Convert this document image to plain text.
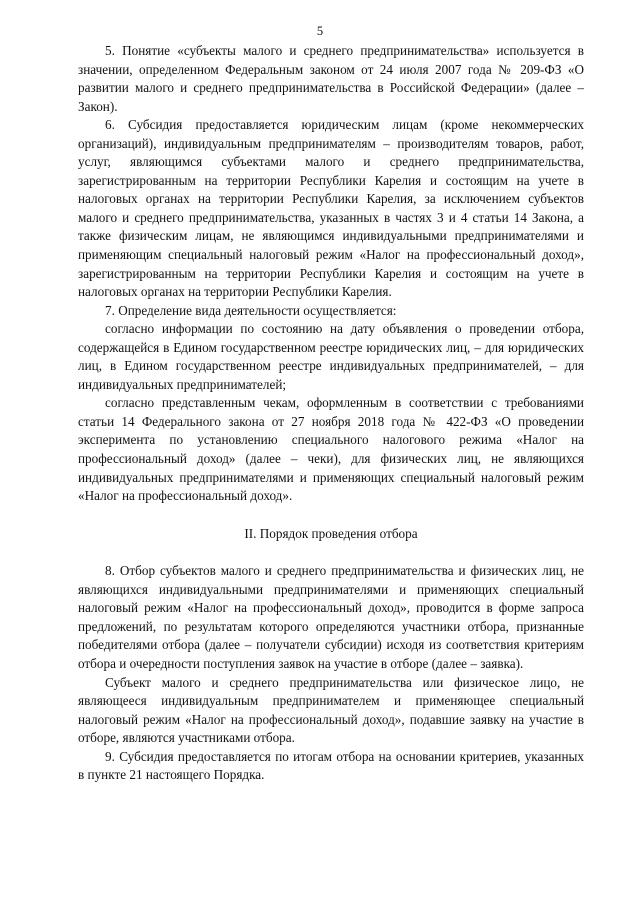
5

5. Понятие «субъекты малого и среднего предпринимательства» используется в значении, определенном Федеральным законом от 24 июля 2007 года № 209-ФЗ «О развитии малого и среднего предпринимательства в Российской Федерации» (далее – Закон).

6. Субсидия предоставляется юридическим лицам (кроме некоммерческих организаций), индивидуальным предпринимателям – производителям товаров, работ, услуг, являющимся субъектами малого и среднего предпринимательства, зарегистрированным на территории Республики Карелия и состоящим на учете в налоговых органах на территории Республики Карелия, за исключением субъектов малого и среднего предпринимательства, указанных в частях 3 и 4 статьи 14 Закона, а также физическим лицам, не являющимся индивидуальными предпринимателями и применяющим специальный налоговый режим «Налог на профессиональный доход», зарегистрированным на территории Республики Карелия и состоящим на учете в налоговых органах на территории Республики Карелия.

7. Определение вида деятельности осуществляется:

согласно информации по состоянию на дату объявления о проведении отбора, содержащейся в Едином государственном реестре юридических лиц, – для юридических лиц, в Едином государственном реестре индивидуальных предпринимателей, – для индивидуальных предпринимателей;

согласно представленным чекам, оформленным в соответствии с требованиями статьи 14 Федерального закона от 27 ноября 2018 года № 422-ФЗ «О проведении эксперимента по установлению специального налогового режима «Налог на профессиональный доход» (далее – чеки), для физических лиц, не являющихся индивидуальных предпринимателями и применяющих специальный налоговый режим «Налог на профессиональный доход».

II. Порядок проведения отбора

8. Отбор субъектов малого и среднего предпринимательства и физических лиц, не являющихся индивидуальными предпринимателями и применяющих специальный налоговый режим «Налог на профессиональный доход», проводится в форме запроса предложений, по результатам которого определяются участники отбора, признанные победителями отбора (далее – получатели субсидии) исходя из соответствия критериям отбора и очередности поступления заявок на участие в отборе (далее – заявка).

Субъект малого и среднего предпринимательства или физическое лицо, не являющееся индивидуальным предпринимателем и применяющее специальный налоговый режим «Налог на профессиональный доход», подавшие заявку на участие в отборе, являются участниками отбора.

9. Субсидия предоставляется по итогам отбора на основании критериев, указанных в пункте 21 настоящего Порядка.
